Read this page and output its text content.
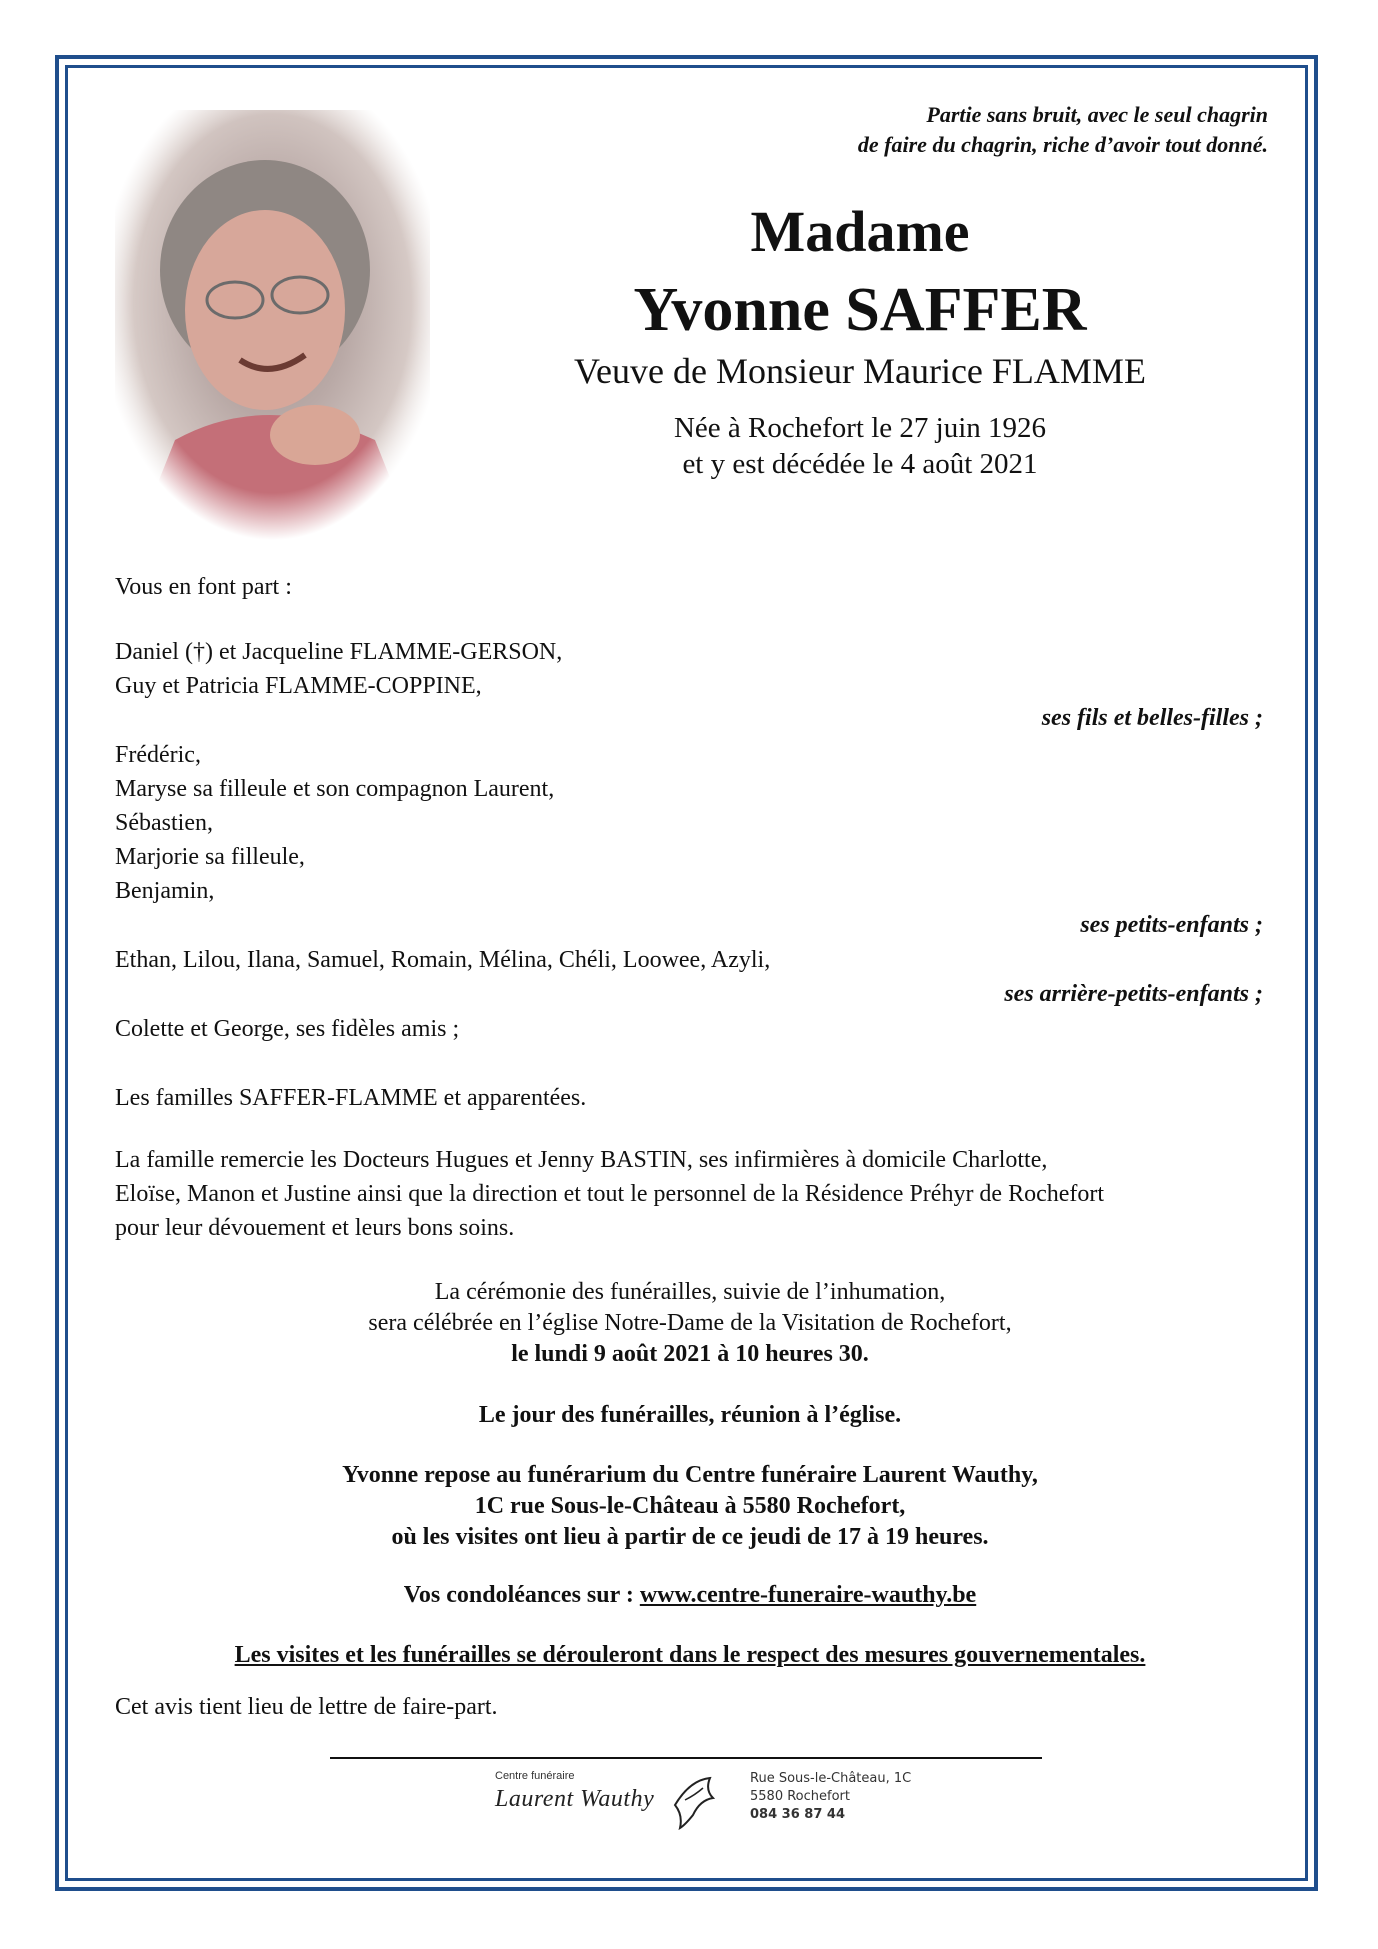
Partie sans bruit, avec le seul chagrin
de faire du chagrin, riche d’avoir tout donné.
Madame
Yvonne SAFFER
Veuve de Monsieur Maurice FLAMME
Née à Rochefort le 27 juin 1926
et y est décédée le 4 août 2021
Vous en font part :
Daniel (†) et Jacqueline FLAMME-GERSON,
Guy et Patricia FLAMME-COPPINE,
ses fils et belles-filles ;
Frédéric,
Maryse sa filleule et son compagnon Laurent,
Sébastien,
Marjorie sa filleule,
Benjamin,
ses petits-enfants ;
Ethan, Lilou, Ilana, Samuel, Romain, Mélina, Chéli, Loowee, Azyli,
ses arrière-petits-enfants ;
Colette et George, ses fidèles amis ;
Les familles SAFFER-FLAMME et apparentées.
La famille remercie les Docteurs Hugues et Jenny BASTIN, ses infirmières à domicile Charlotte,
Eloïse, Manon et Justine ainsi que la direction et tout le personnel de la Résidence Préhyr de Rochefort
pour leur dévouement et leurs bons soins.
La cérémonie des funérailles, suivie de l’inhumation,
sera célébrée en l’église Notre-Dame de la Visitation de Rochefort,
le lundi 9 août 2021 à 10 heures 30.
Le jour des funérailles, réunion à l’église.
Yvonne repose au funérarium du Centre funéraire Laurent Wauthy,
1C rue Sous-le-Château à 5580 Rochefort,
où les visites ont lieu à partir de ce jeudi de 17 à 19 heures.
Vos condoléances sur : www.centre-funeraire-wauthy.be
Les visites et les funérailles se dérouleront dans le respect des mesures gouvernementales.
Cet avis tient lieu de lettre de faire-part.
Centre funéraire
Laurent Wauthy
Rue Sous-le-Château, 1C
5580 Rochefort
084 36 87 44
